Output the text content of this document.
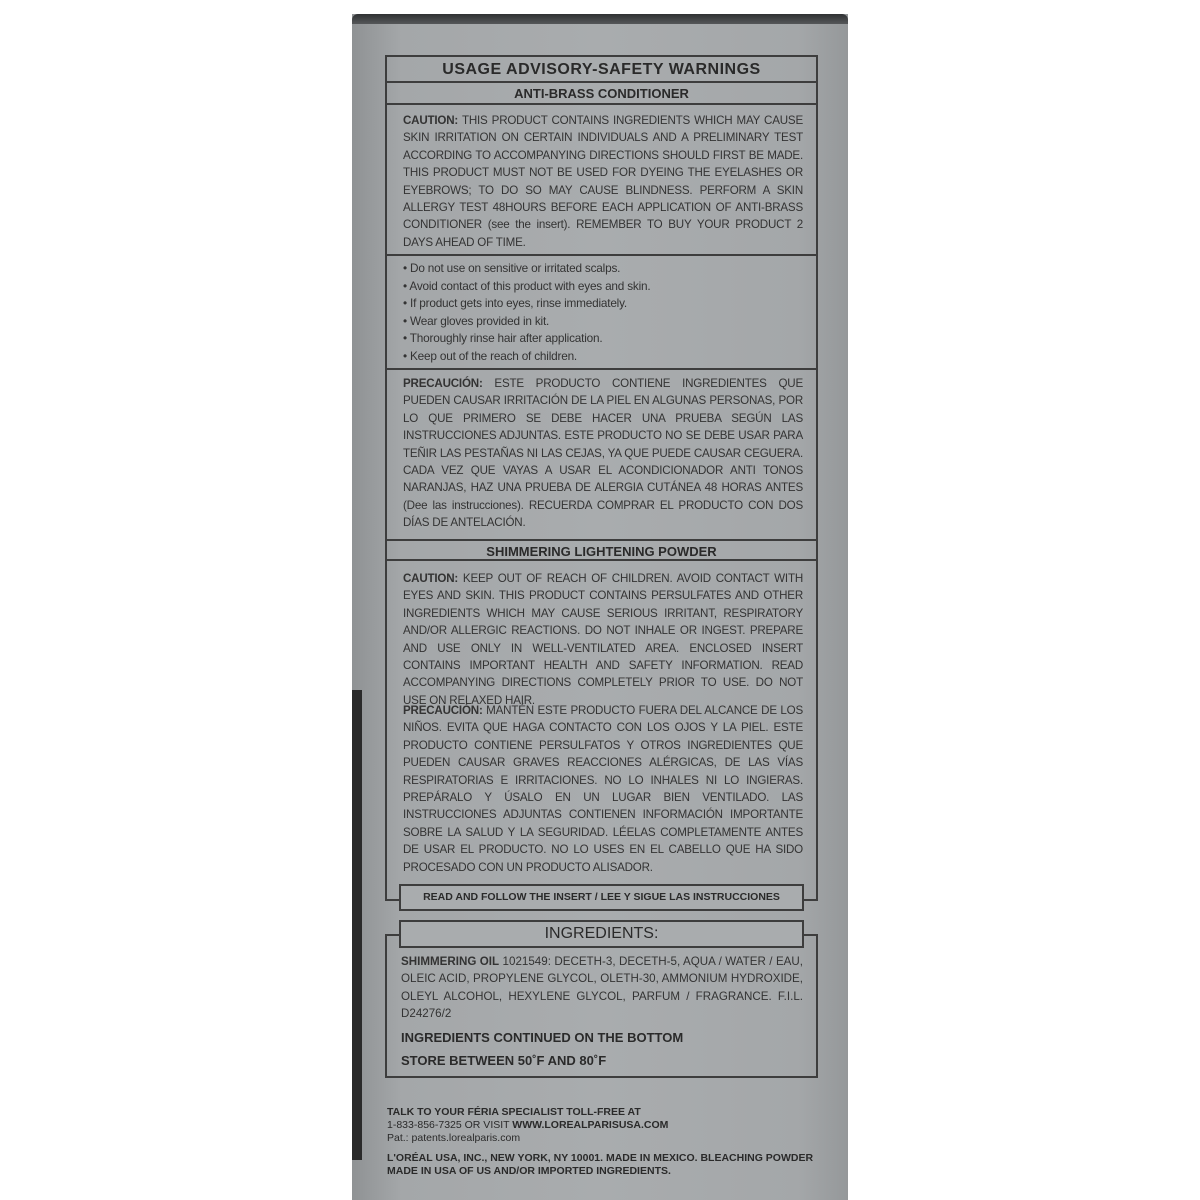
USAGE ADVISORY-SAFETY WARNINGS
ANTI-BRASS CONDITIONER
CAUTION: THIS PRODUCT CONTAINS INGREDIENTS WHICH MAY CAUSE SKIN IRRITATION ON CERTAIN INDIVIDUALS AND A PRELIMINARY TEST ACCORDING TO ACCOMPANYING DIRECTIONS SHOULD FIRST BE MADE. THIS PRODUCT MUST NOT BE USED FOR DYEING THE EYELASHES OR EYEBROWS; TO DO SO MAY CAUSE BLINDNESS. PERFORM A SKIN ALLERGY TEST 48HOURS BEFORE EACH APPLICATION OF ANTI-BRASS CONDITIONER (see the insert). REMEMBER TO BUY YOUR PRODUCT 2 DAYS AHEAD OF TIME.
• Do not use on sensitive or irritated scalps.
• Avoid contact of this product with eyes and skin.
• If product gets into eyes, rinse immediately.
• Wear gloves provided in kit.
• Thoroughly rinse hair after application.
• Keep out of the reach of children.
PRECAUCIÓN: ESTE PRODUCTO CONTIENE INGREDIENTES QUE PUEDEN CAUSAR IRRITACIÓN DE LA PIEL EN ALGUNAS PERSONAS, POR LO QUE PRIMERO SE DEBE HACER UNA PRUEBA SEGÚN LAS INSTRUCCIONES ADJUNTAS. ESTE PRODUCTO NO SE DEBE USAR PARA TEÑIR LAS PESTAÑAS NI LAS CEJAS, YA QUE PUEDE CAUSAR CEGUERA. CADA VEZ QUE VAYAS A USAR EL ACONDICIONADOR ANTI TONOS NARANJAS, HAZ UNA PRUEBA DE ALERGIA CUTÁNEA 48 HORAS ANTES (Dee las instrucciones). RECUERDA COMPRAR EL PRODUCTO CON DOS DÍAS DE ANTELACIÓN.
SHIMMERING LIGHTENING POWDER
CAUTION: KEEP OUT OF REACH OF CHILDREN. AVOID CONTACT WITH EYES AND SKIN. THIS PRODUCT CONTAINS PERSULFATES AND OTHER INGREDIENTS WHICH MAY CAUSE SERIOUS IRRITANT, RESPIRATORY AND/OR ALLERGIC REACTIONS. DO NOT INHALE OR INGEST. PREPARE AND USE ONLY IN WELL-VENTILATED AREA. ENCLOSED INSERT CONTAINS IMPORTANT HEALTH AND SAFETY INFORMATION. READ ACCOMPANYING DIRECTIONS COMPLETELY PRIOR TO USE. DO NOT USE ON RELAXED HAIR.
PRECAUCIÓN: MANTÉN ESTE PRODUCTO FUERA DEL ALCANCE DE LOS NIÑOS. EVITA QUE HAGA CONTACTO CON LOS OJOS Y LA PIEL. ESTE PRODUCTO CONTIENE PERSULFATOS Y OTROS INGREDIENTES QUE PUEDEN CAUSAR GRAVES REACCIONES ALÉRGICAS, DE LAS VÍAS RESPIRATORIAS E IRRITACIONES. NO LO INHALES NI LO INGIERAS. PREPÁRALO Y ÚSALO EN UN LUGAR BIEN VENTILADO. LAS INSTRUCCIONES ADJUNTAS CONTIENEN INFORMACIÓN IMPORTANTE SOBRE LA SALUD Y LA SEGURIDAD. LÉELAS COMPLETAMENTE ANTES DE USAR EL PRODUCTO. NO LO USES EN EL CABELLO QUE HA SIDO PROCESADO CON UN PRODUCTO ALISADOR.
READ AND FOLLOW THE INSERT / LEE Y SIGUE LAS INSTRUCCIONES
INGREDIENTS:
SHIMMERING OIL 1021549: DECETH-3, DECETH-5, AQUA / WATER / EAU, OLEIC ACID, PROPYLENE GLYCOL, OLETH-30, AMMONIUM HYDROXIDE, OLEYL ALCOHOL, HEXYLENE GLYCOL, PARFUM / FRAGRANCE. F.I.L. D24276/2
INGREDIENTS CONTINUED ON THE BOTTOM
STORE BETWEEN 50˚F AND 80˚F
TALK TO YOUR FÉRIA SPECIALIST TOLL-FREE AT
1-833-856-7325 OR VISIT WWW.LOREALPARISUSA.COM
Pat.: patents.lorealparis.com
L'ORÉAL USA, INC., NEW YORK, NY 10001. MADE IN MEXICO. BLEACHING POWDER MADE IN USA OF US AND/OR IMPORTED INGREDIENTS.
